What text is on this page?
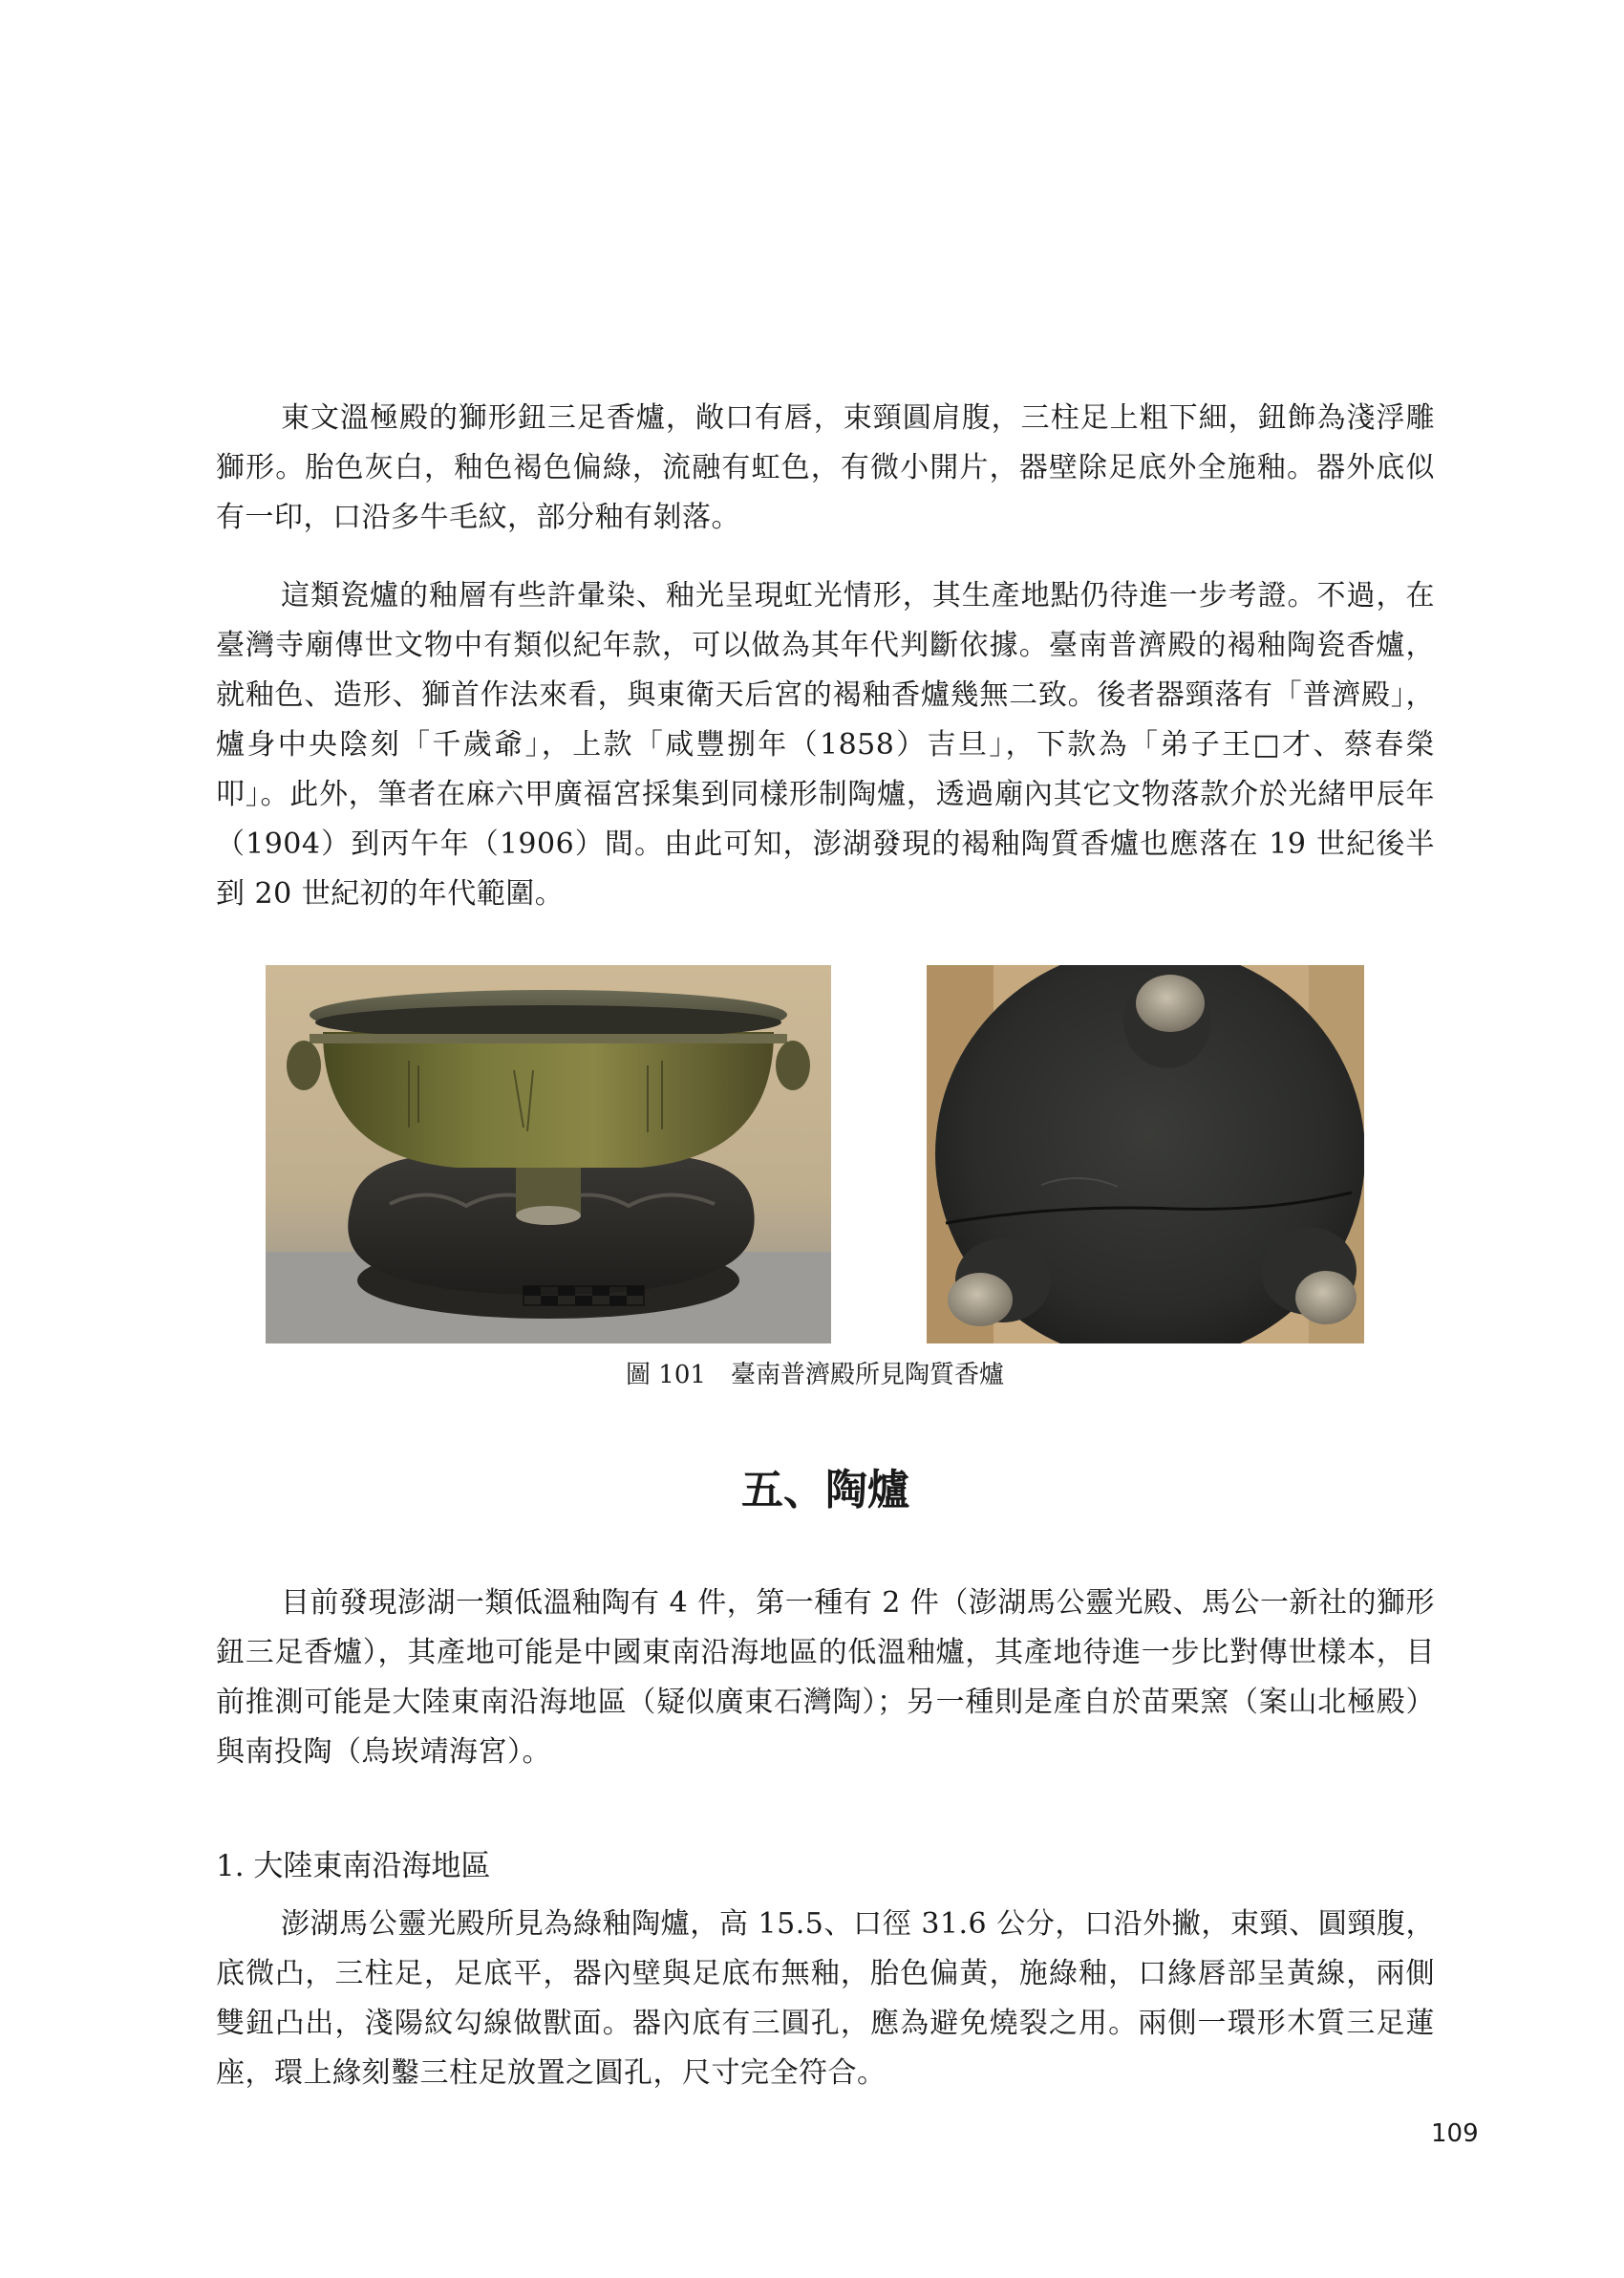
東文溫極殿的獅形鈕三足香爐，敞口有唇，束頸圓肩腹，三柱足上粗下細，鈕飾為淺浮雕獅形。胎色灰白，釉色褐色偏綠，流融有虹色，有微小開片，器壁除足底外全施釉。器外底似有一印，口沿多牛毛紋，部分釉有剝落。

這類瓷爐的釉層有些許暈染、釉光呈現虹光情形，其生產地點仍待進一步考證。不過，在臺灣寺廟傳世文物中有類似紀年款，可以做為其年代判斷依據。臺南普濟殿的褐釉陶瓷香爐，就釉色、造形、獅首作法來看，與東衛天后宮的褐釉香爐幾無二致。後者器頸落有「普濟殿」，爐身中央陰刻「千歲爺」，上款「咸豐捌年（1858）吉旦」，下款為「弟子王□才、蔡春榮叩」。此外，筆者在麻六甲廣福宮採集到同樣形制陶爐，透過廟內其它文物落款介於光緒甲辰年（1904）到丙午年（1906）間。由此可知，澎湖發現的褐釉陶質香爐也應落在 19 世紀後半到 20 世紀初的年代範圍。

圖 101　臺南普濟殿所見陶質香爐

五、陶爐

目前發現澎湖一類低溫釉陶有 4 件，第一種有 2 件（澎湖馬公靈光殿、馬公一新社的獅形鈕三足香爐），其產地可能是中國東南沿海地區的低溫釉爐，其產地待進一步比對傳世樣本，目前推測可能是大陸東南沿海地區（疑似廣東石灣陶）；另一種則是產自於苗栗窯（案山北極殿）與南投陶（烏崁靖海宮）。

1. 大陸東南沿海地區

澎湖馬公靈光殿所見為綠釉陶爐，高 15.5、口徑 31.6 公分，口沿外撇，束頸、圓頸腹，底微凸，三柱足，足底平，器內壁與足底布無釉，胎色偏黃，施綠釉，口緣唇部呈黃線，兩側雙鈕凸出，淺陽紋勾線做獸面。器內底有三圓孔，應為避免燒裂之用。兩側一環形木質三足蓮座，環上緣刻鑿三柱足放置之圓孔，尺寸完全符合。

109
